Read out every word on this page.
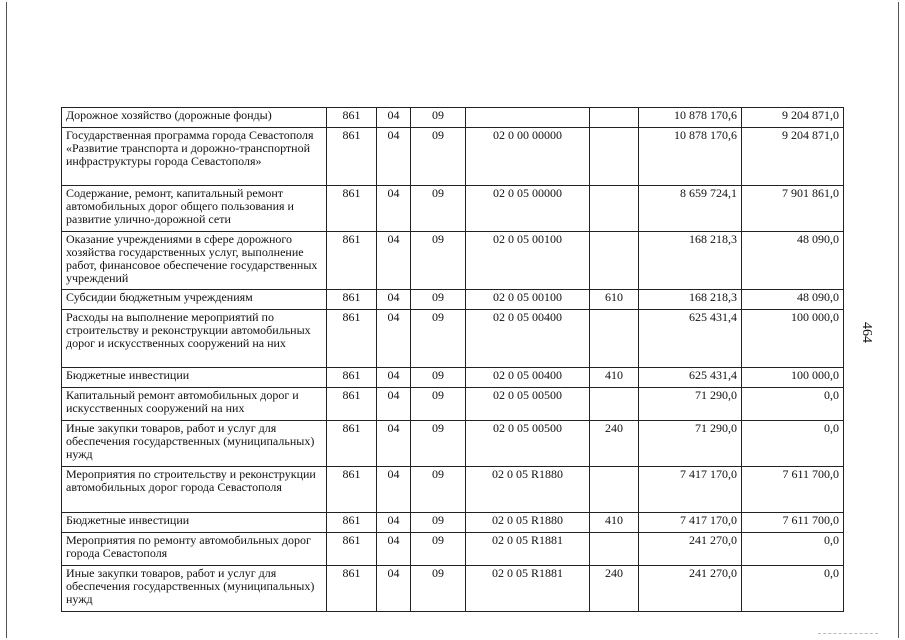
Дорожное хозяйство (дорожные фонды)	861	04	09			10 878 170,6	9 204 871,0
Государственная программа города Севастополя «Развитие транспорта и дорожно-транспортной инфраструктуры города Севастополя»	861	04	09	02 0 00 00000		10 878 170,6	9 204 871,0
Содержание, ремонт, капитальный ремонт автомобильных дорог общего пользования и развитие улично-дорожной сети	861	04	09	02 0 05 00000		8 659 724,1	7 901 861,0
Оказание учреждениями в сфере дорожного хозяйства государственных услуг, выполнение работ, финансовое обеспечение государственных учреждений	861	04	09	02 0 05 00100		168 218,3	48 090,0
Субсидии бюджетным учреждениям	861	04	09	02 0 05 00100	610	168 218,3	48 090,0
Расходы на выполнение мероприятий по строительству и реконструкции автомобильных дорог и искусственных сооружений на них	861	04	09	02 0 05 00400		625 431,4	100 000,0
Бюджетные инвестиции	861	04	09	02 0 05 00400	410	625 431,4	100 000,0
Капитальный ремонт автомобильных дорог и искусственных сооружений на них	861	04	09	02 0 05 00500		71 290,0	0,0
Иные закупки товаров, работ и услуг для обеспечения государственных (муниципальных) нужд	861	04	09	02 0 05 00500	240	71 290,0	0,0
Мероприятия по строительству и реконструкции автомобильных дорог города Севастополя	861	04	09	02 0 05 R1880		7 417 170,0	7 611 700,0
Бюджетные инвестиции	861	04	09	02 0 05 R1880	410	7 417 170,0	7 611 700,0
Мероприятия по ремонту автомобильных дорог города Севастополя	861	04	09	02 0 05 R1881		241 270,0	0,0
Иные закупки товаров, работ и услуг для обеспечения государственных (муниципальных) нужд	861	04	09	02 0 05 R1881	240	241 270,0	0,0
464
